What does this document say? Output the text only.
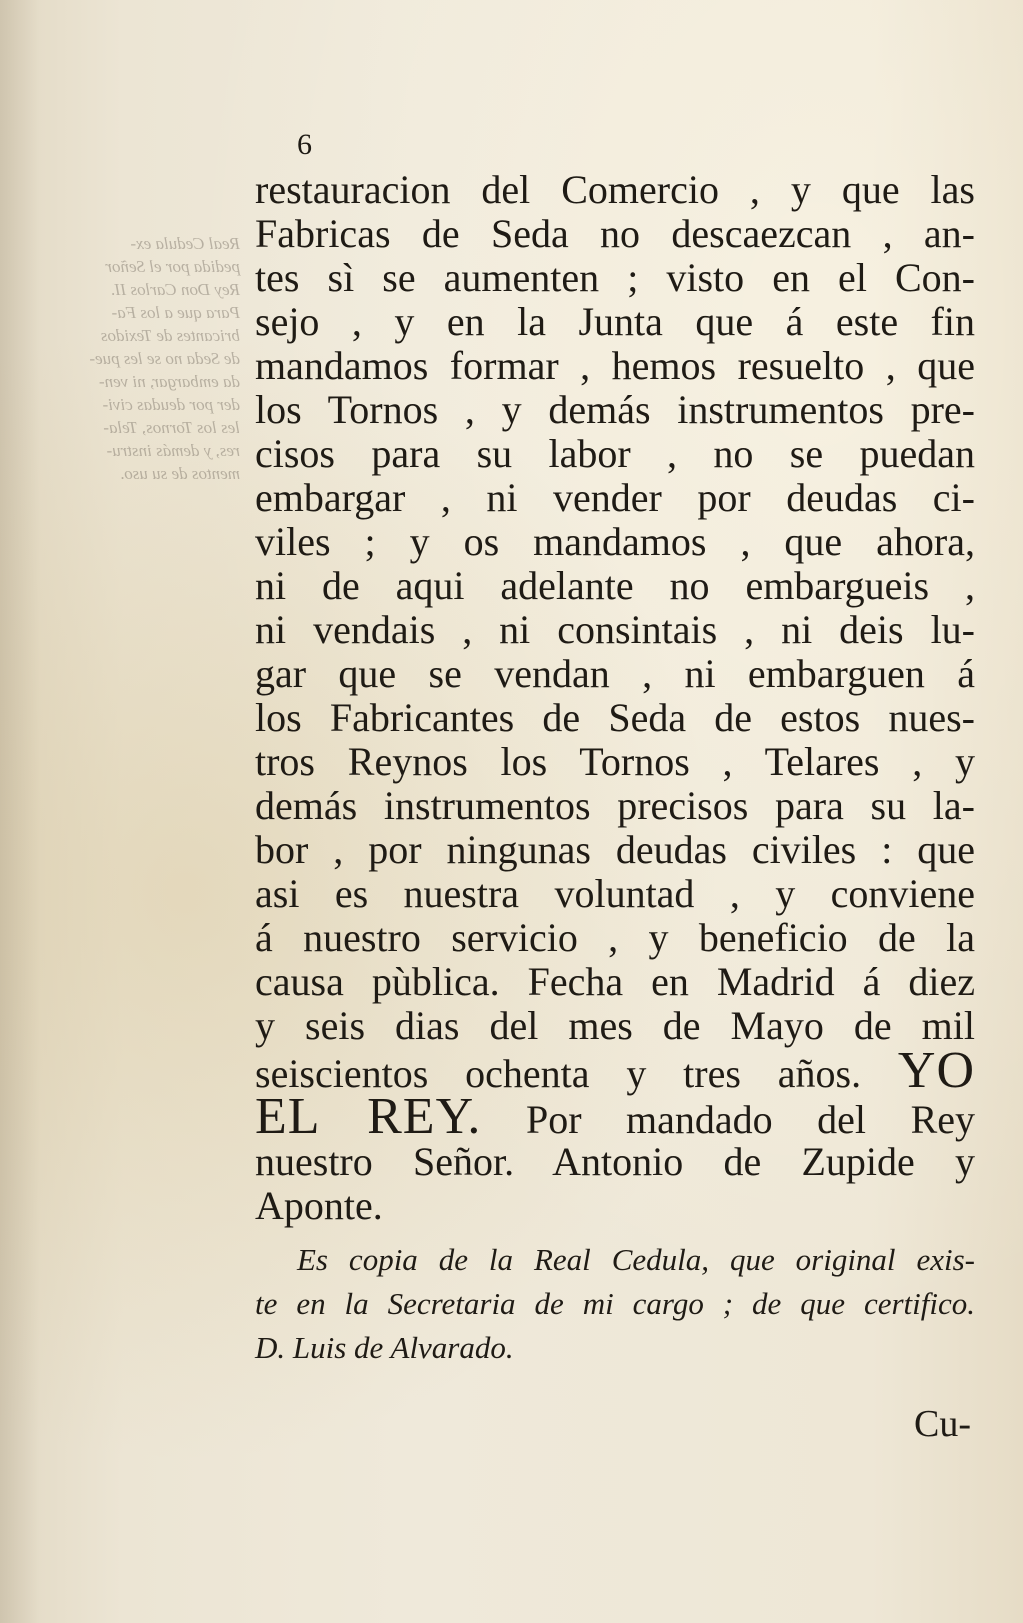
Real Cedula ex-
pedida por el Señor
Rey Don Carlos II.
Para que a los Fa-
bricantes de Texidos
de Seda no se les pue-
da embargar, ni ven-
der por deudas civi-
les los Tornos, Tela-
res, y demás instru-
mentos de su uso.
6
restauracion del Comercio , y que las
Fabricas de Seda no descaezcan , an-
tes sì se aumenten ; visto en el Con-
sejo , y en la Junta que á este fin
mandamos formar , hemos resuelto , que
los Tornos , y demás instrumentos pre-
cisos para su labor , no se puedan
embargar , ni vender por deudas ci-
viles ; y os mandamos , que ahora,
ni de aqui adelante no embargueis ,
ni vendais , ni consintais , ni deis lu-
gar que se vendan , ni embarguen á
los Fabricantes de Seda de estos nues-
tros Reynos los Tornos , Telares , y
demás instrumentos precisos para su la-
bor , por ningunas deudas civiles : que
asi es nuestra voluntad , y conviene
á nuestro servicio , y beneficio de la
causa pùblica. Fecha en Madrid á diez
y seis dias del mes de Mayo de mil
seiscientos ochenta y tres años. YO
EL REY. Por mandado del Rey
nuestro Señor. Antonio de Zupide y
Aponte.
Es copia de la Real Cedula, que original exis-
te en la Secretaria de mi cargo ; de que certifico.
D. Luis de Alvarado.
Cu-
